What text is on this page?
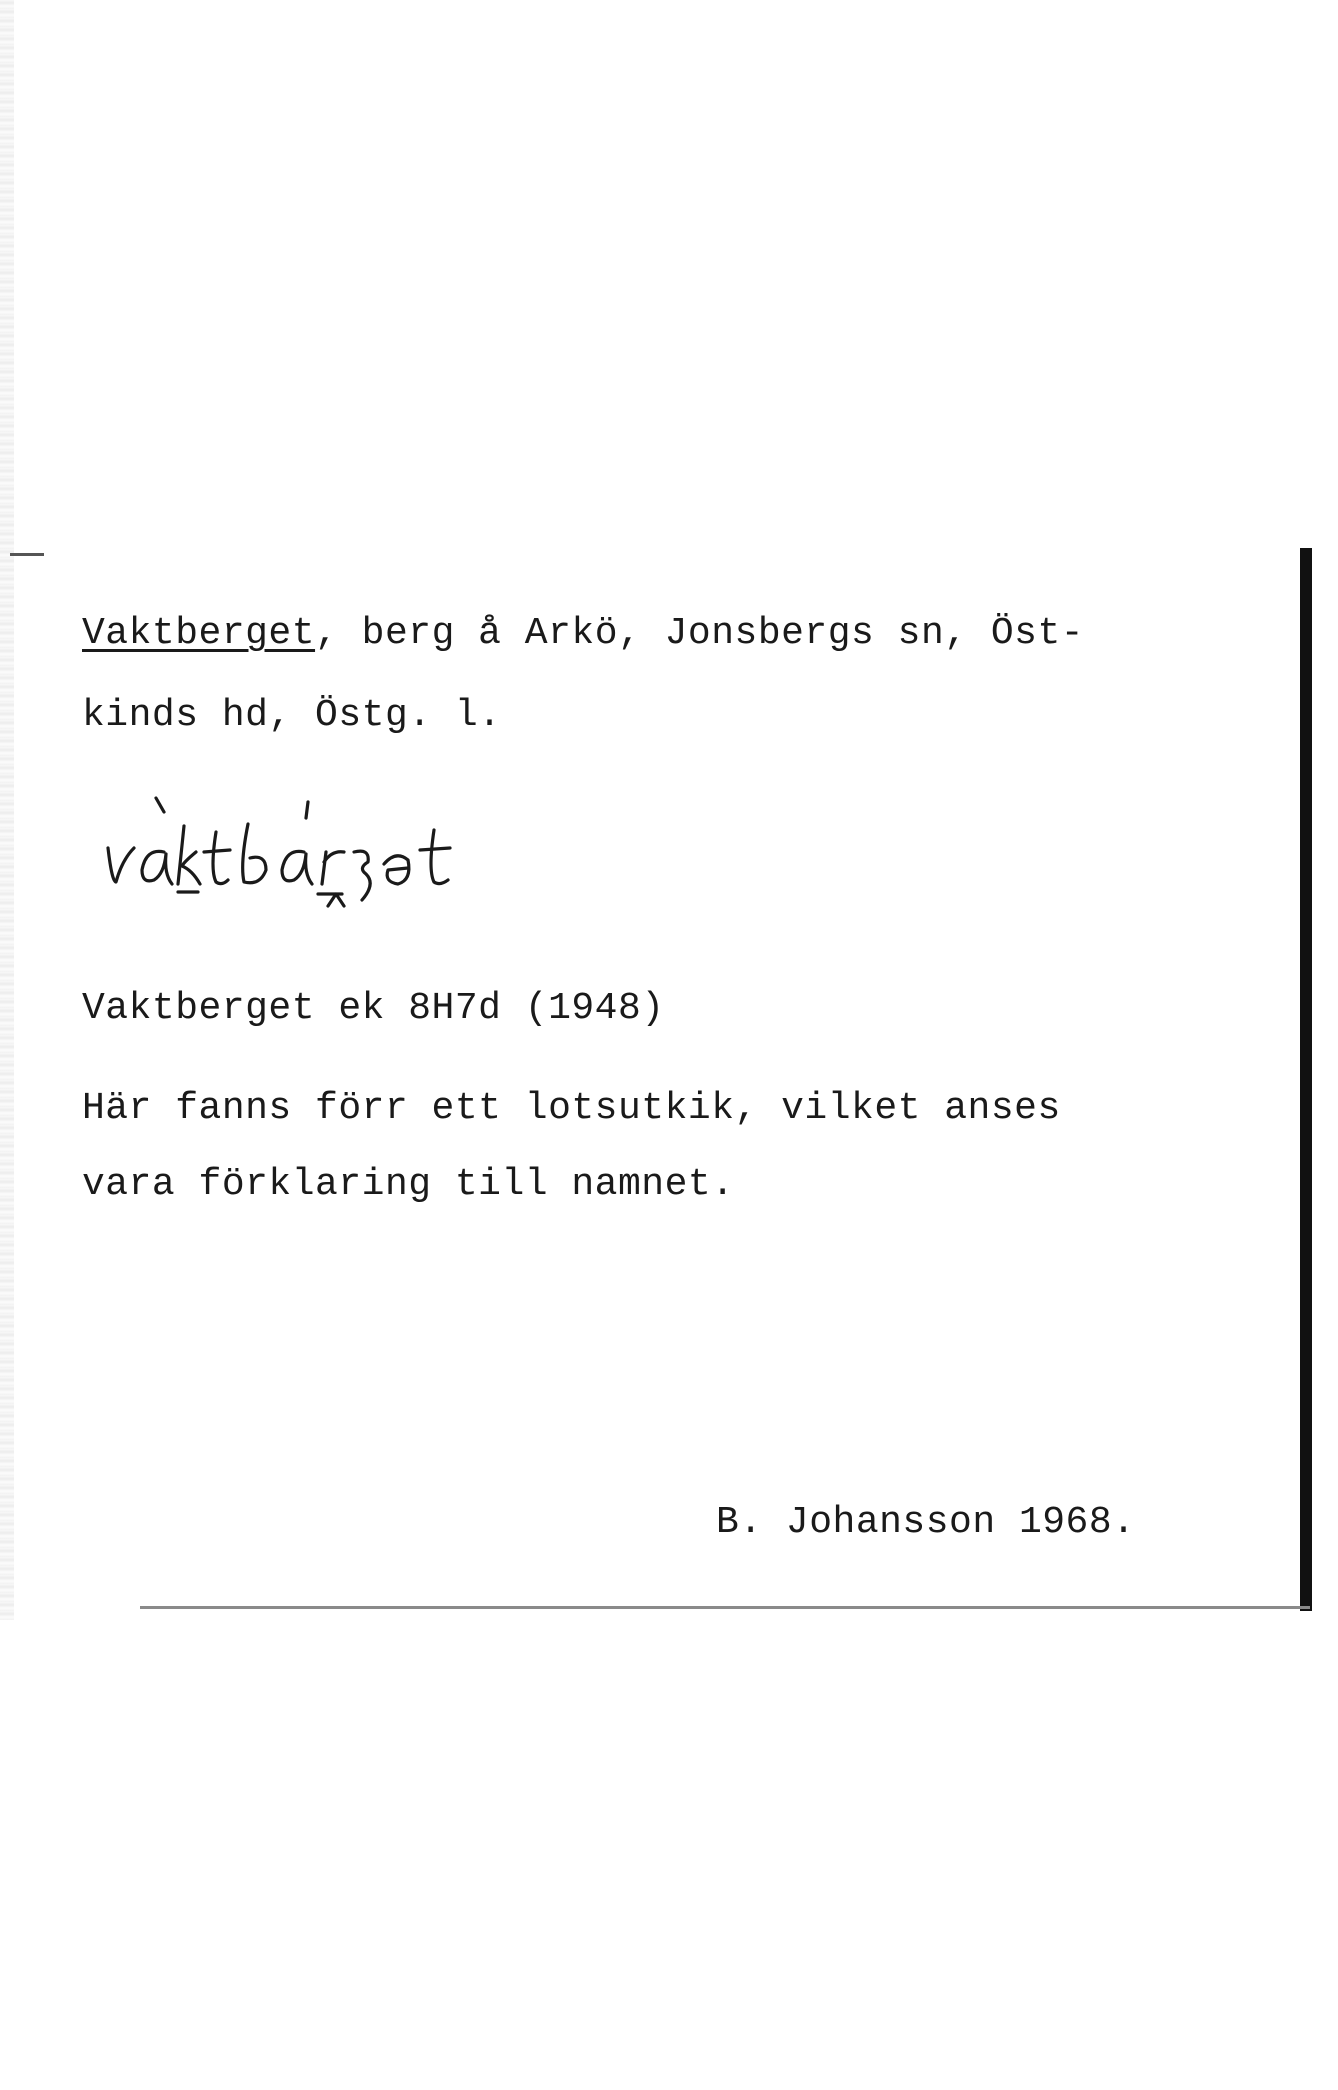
Vaktberget, berg å Arkö, Jonsbergs sn, Öst-
kinds hd, Östg. l.
Vaktberget ek 8H7d (1948)
Här fanns förr ett lotsutkik, vilket anses
vara förklaring till namnet.
B. Johansson 1968.
